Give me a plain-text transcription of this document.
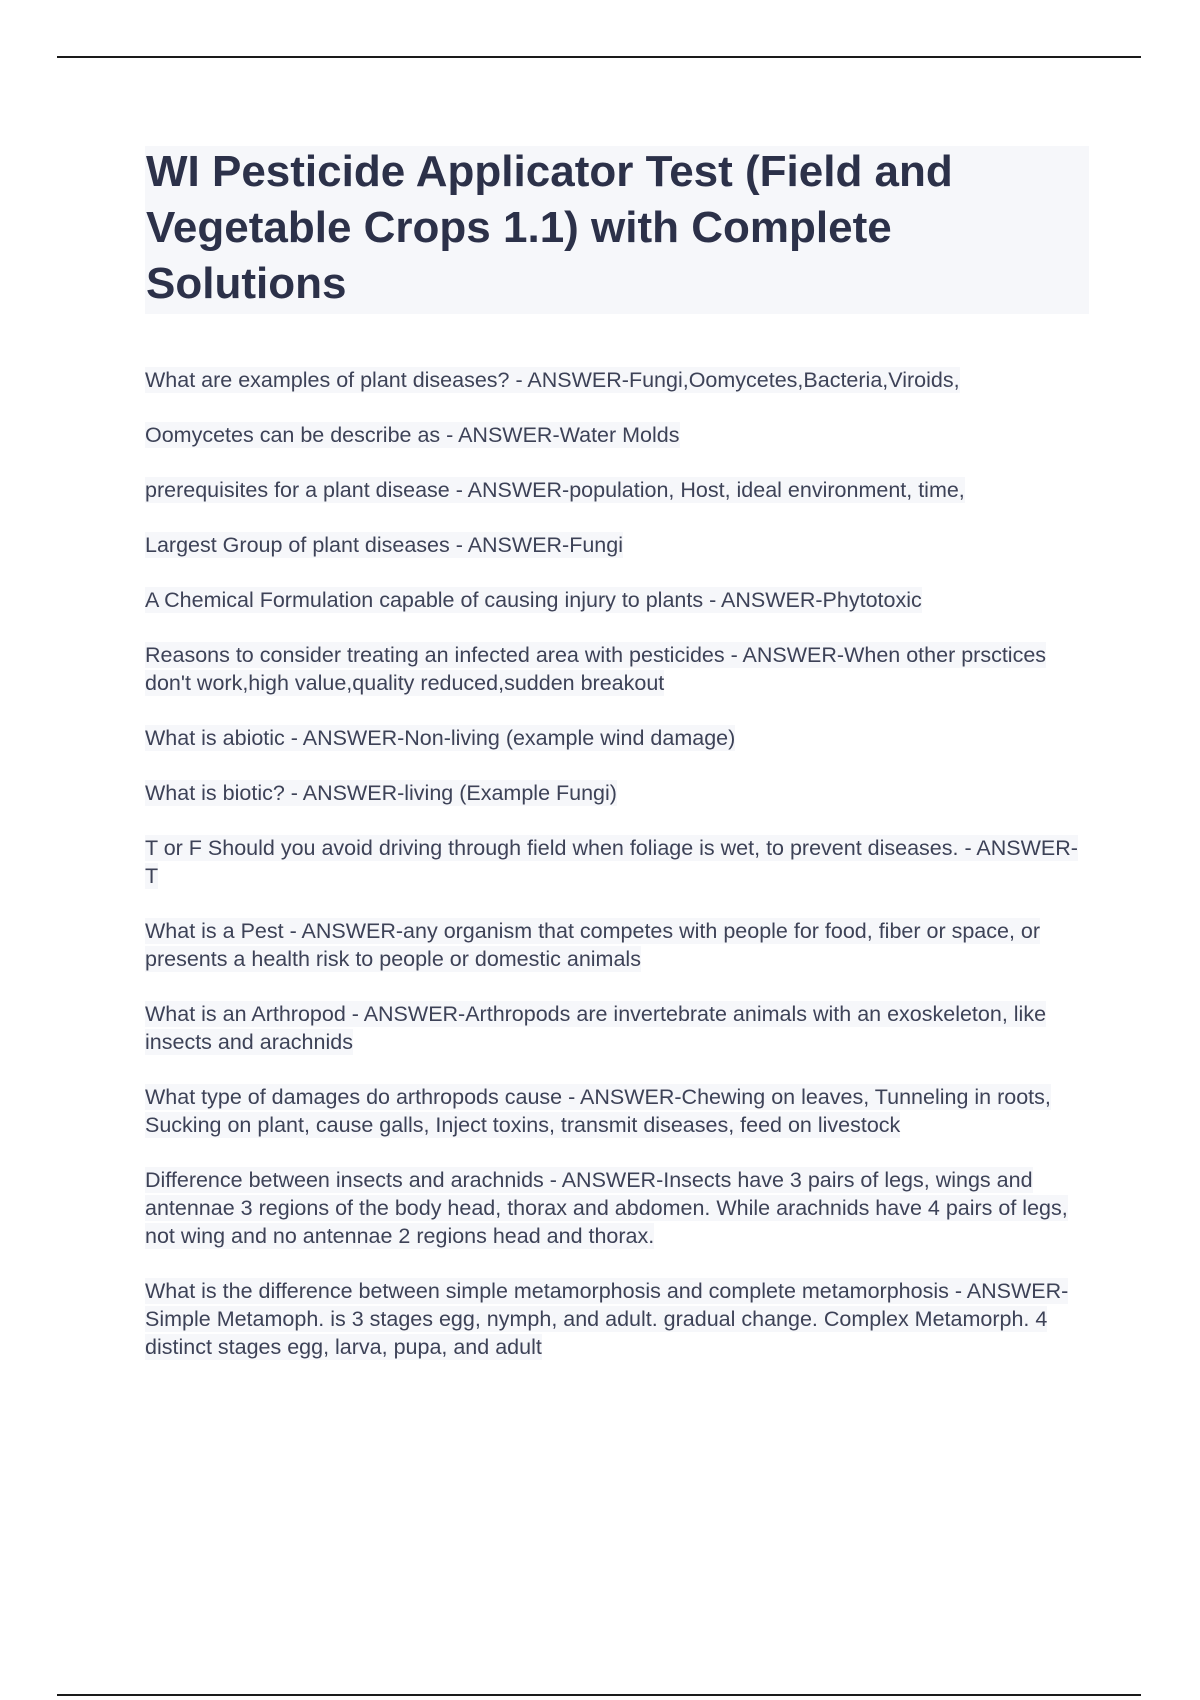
WI Pesticide Applicator Test (Field and Vegetable Crops 1.1) with Complete Solutions
What are examples of plant diseases? - ANSWER-Fungi,Oomycetes,Bacteria,Viroids,
Oomycetes can be describe as - ANSWER-Water Molds
prerequisites for a plant disease - ANSWER-population, Host, ideal environment, time,
Largest Group of plant diseases - ANSWER-Fungi
A Chemical Formulation capable of causing injury to plants - ANSWER-Phytotoxic
Reasons to consider treating an infected area with pesticides - ANSWER-When other prsctices don't work,high value,quality reduced,sudden breakout
What is abiotic - ANSWER-Non-living (example wind damage)
What is biotic? - ANSWER-living (Example Fungi)
T or F Should you avoid driving through field when foliage is wet, to prevent diseases. - ANSWER-T
What is a Pest - ANSWER-any organism that competes with people for food, fiber or space, or presents a health risk to people or domestic animals
What is an Arthropod - ANSWER-Arthropods are invertebrate animals with an exoskeleton, like insects and arachnids
What type of damages do arthropods cause - ANSWER-Chewing on leaves, Tunneling in roots, Sucking on plant, cause galls, Inject toxins, transmit diseases, feed on livestock
Difference between insects and arachnids - ANSWER-Insects have 3 pairs of legs, wings and antennae 3 regions of the body head, thorax and abdomen. While arachnids have 4 pairs of legs, not wing and no antennae 2 regions head and thorax.
What is the difference between simple metamorphosis and complete metamorphosis - ANSWER-Simple Metamoph. is 3 stages egg, nymph, and adult. gradual change. Complex Metamorph. 4 distinct stages egg, larva, pupa, and adult
